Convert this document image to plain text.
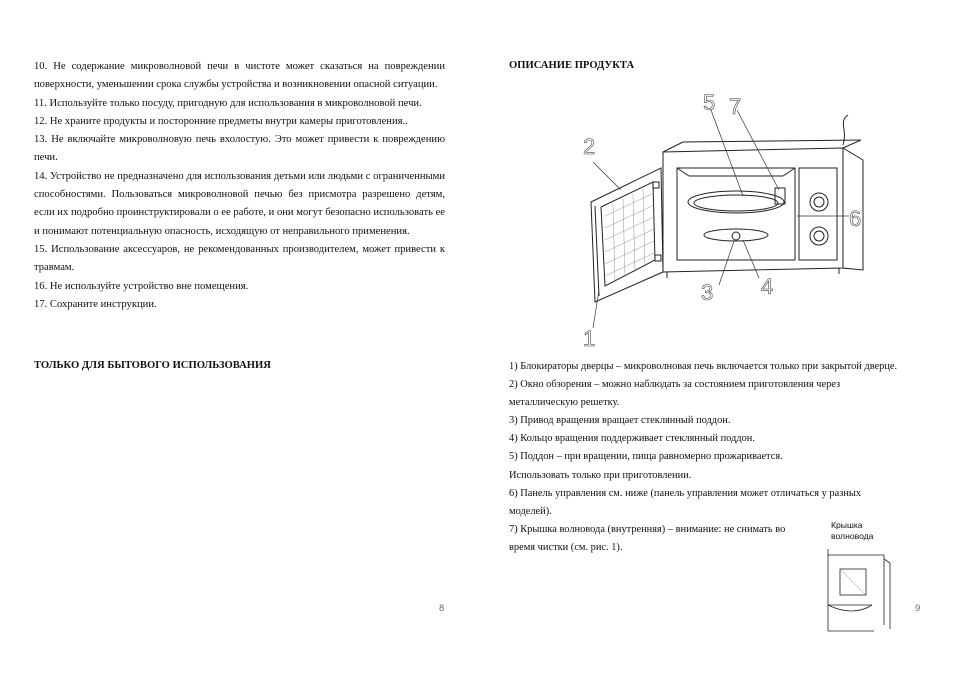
10. Не содержание микроволновой печи в чистоте может сказаться на повреждении поверхности, уменьшении срока службы устройства и возникновении опасной ситуации.

11. Используйте только посуду, пригодную для использования в микроволновой печи.

12. Не храните продукты и посторонние предметы внутри камеры приготовления..

13. Не включайте микроволновую печь вхолостую. Это может привести к повреждению печи.

14. Устройство не предназначено для использования детьми или людьми с ограниченными способностями. Пользоваться микроволновой печью без присмотра разрешено детям, если их подробно проинструктировали о ее работе, и они могут безопасно использовать ее и понимают потенциальную опасность, исходящую от неправильного применения.

15. Использование аксессуаров, не рекомендованных производителем, может привести к травмам.

16. Не используйте устройство вне помещения.

17. Сохраните инструкции.

ТОЛЬКО ДЛЯ БЫТОВОГО ИСПОЛЬЗОВАНИЯ
8
ОПИСАНИЕ ПРОДУКТА
2
5 7
6
3 4
1

1) Блокираторы дверцы – микроволновая печь включается только при закрытой дверце.

2) Окно обзорения – можно наблюдать за состоянием приготовления через металлическую решетку.

3) Привод вращения вращает стеклянный поддон.

4) Кольцо вращения поддерживает стеклянный поддон.

5) Поддон – при вращении, пища равномерно прожаривается.

Использовать только при приготовлении.

6) Панель управления см. ниже (панель управления может отличаться у разных моделей).

7) Крышка волновода (внутренняя) – внимание: не снимать во время чистки (см. рис. 1).

Крышка
волновода
9
